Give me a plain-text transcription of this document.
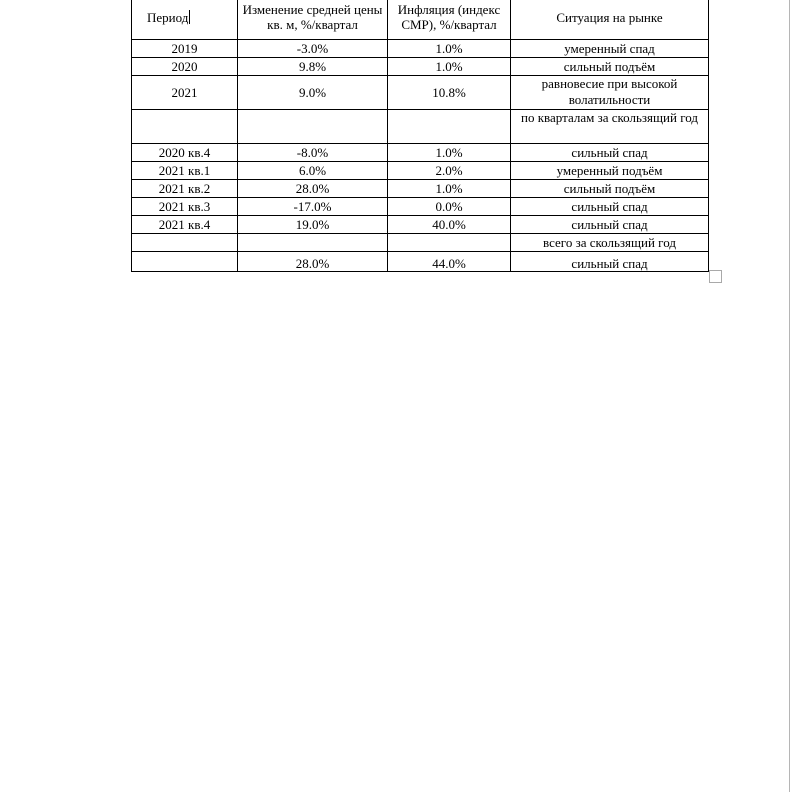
Период	Изменение средней цены кв. м, %/квартал	Инфляция (индекс СМР), %/квартал	Ситуация на рынке
2019	-3.0%	1.0%	умеренный спад
2020	9.8%	1.0%	сильный подъём
2021	9.0%	10.8%	равновесие при высокой волатильности
			по кварталам за скользящий год
2020 кв.4	-8.0%	1.0%	сильный спад
2021 кв.1	6.0%	2.0%	умеренный подъём
2021 кв.2	28.0%	1.0%	сильный подъём
2021 кв.3	-17.0%	0.0%	сильный спад
2021 кв.4	19.0%	40.0%	сильный спад
			всего за скользящий год
	28.0%	44.0%	сильный спад
